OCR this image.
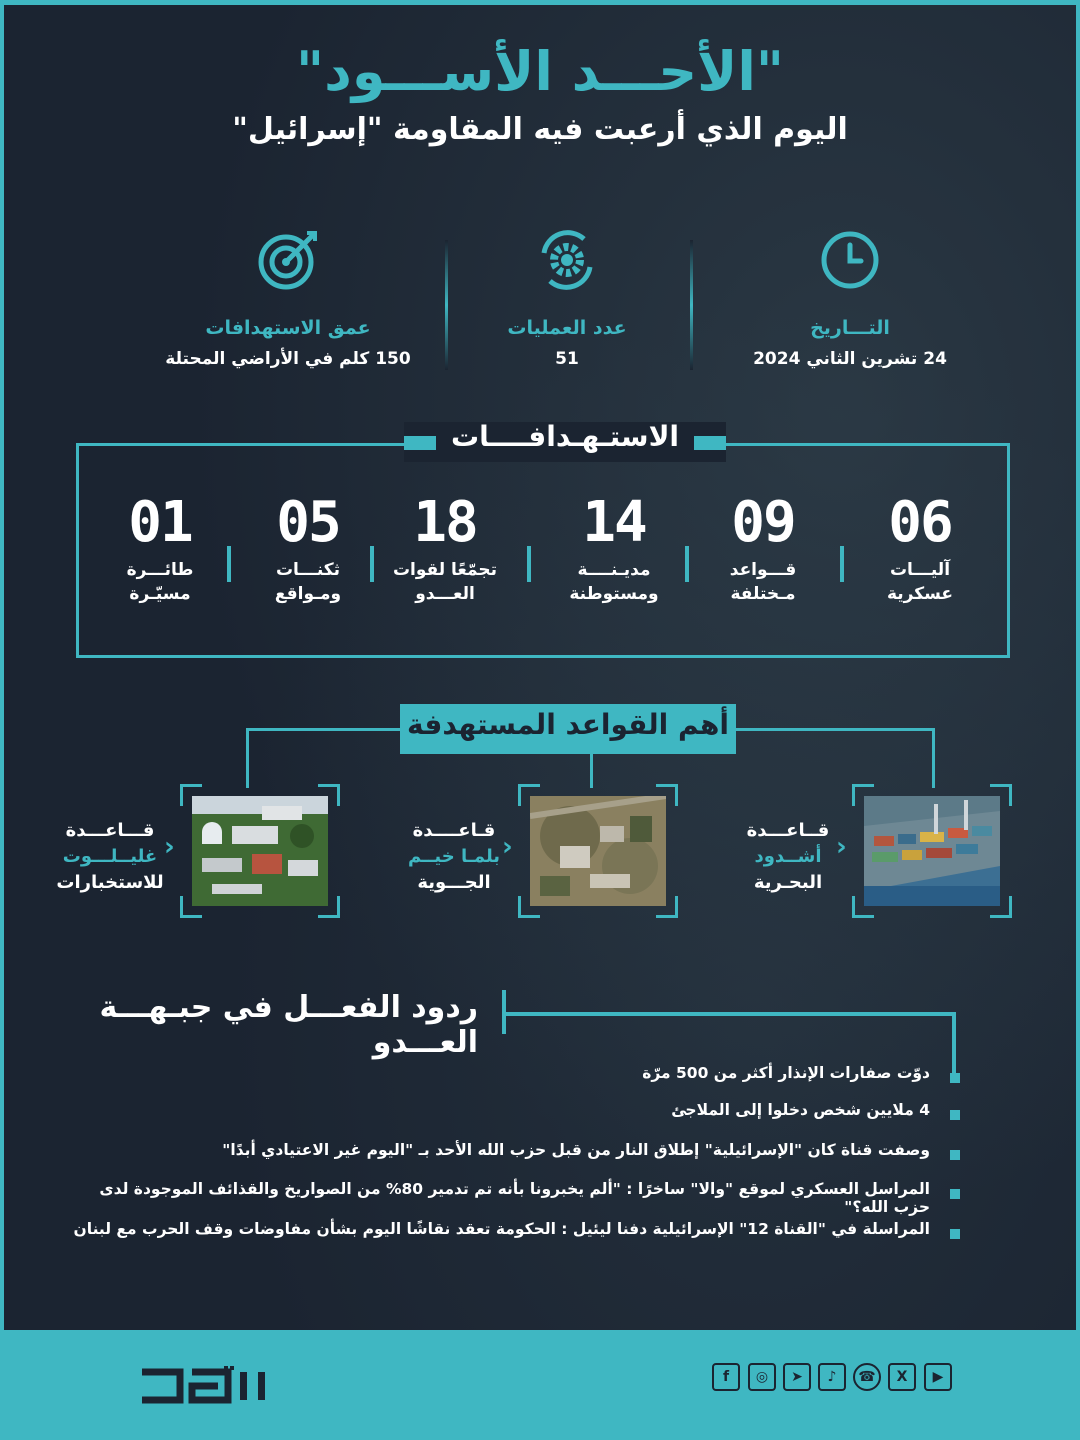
"الأحـــد الأســـود"
اليوم الذي أرعبت فيه المقاومة "إسرائيل"
التـــاريخ
24 تشرين الثاني 2024
عدد العمليات
51
عمق الاستهدافات
150 كلم في الأراضي المحتلة
الاستـهـدافــــات
06
آليـــات
عسكرية
09
قـــواعد
مـختلفة
14
مديـنــــة
ومستوطنة
18
تجمّعًا لقوات
العـــدو
05
ثكنـــات
ومـواقع
01
طائـــرة
مسيّـرة
أهم القواعد المستهدفة
‹
قــاعـــدة
أشــدود
البحـرية
‹
قـاعــــدة
بلمـا خيــم
الجـــوية
‹
قـــاعـــدة
غليــلـــوت
للاستخبارات
ردود الفعـــل في جبـهـــة العـــدو
دوّت صفارات الإنذار أكثر من 500 مرّة
4 ملايين شخص دخلوا إلى الملاجئ
وصفت قناة كان "الإسرائيلية" إطلاق النار من قبل حزب الله الأحد بـ "اليوم غير الاعتيادي أبدًا"
المراسل العسكري لموقع "والا" ساخرًا : "ألم يخبرونا بأنه تم تدمير 80% من الصواريخ والقذائف الموجودة لدى حزب الله؟"
المراسلة في "القناة 12" الإسرائيلية دفنا ليئيل : الحكومة تعقد نقاشًا اليوم بشأن مفاوضات وقف الحرب مع لبنان
▶
X
☎
♪
➤
◎
f
